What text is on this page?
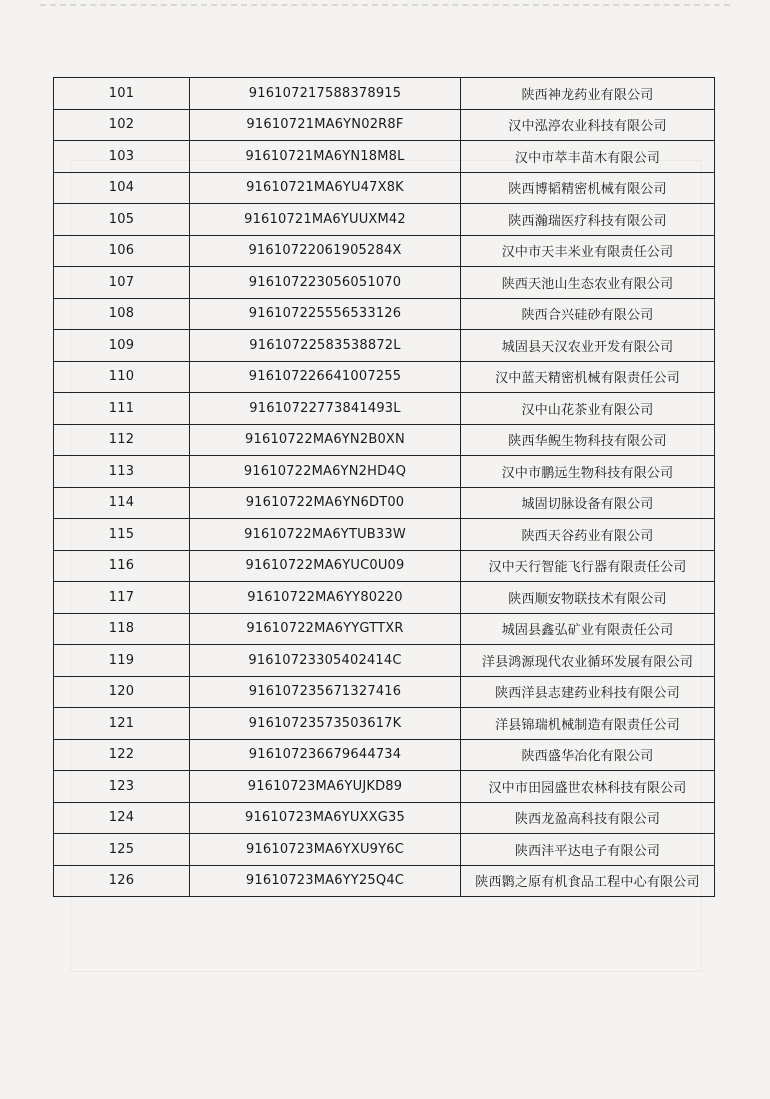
101	916107217588378915	陕西神龙药业有限公司
102	91610721MA6YN02R8F	汉中泓渟农业科技有限公司
103	91610721MA6YN18M8L	汉中市萃丰苗木有限公司
104	91610721MA6YU47X8K	陕西博韬精密机械有限公司
105	91610721MA6YUUXM42	陕西瀚瑞医疗科技有限公司
106	91610722061905284X	汉中市天丰米业有限责任公司
107	916107223056051070	陕西天池山生态农业有限公司
108	916107225556533126	陕西合兴硅砂有限公司
109	91610722583538872L	城固县天汉农业开发有限公司
110	916107226641007255	汉中蓝天精密机械有限责任公司
111	91610722773841493L	汉中山花茶业有限公司
112	91610722MA6YN2B0XN	陕西华鲵生物科技有限公司
113	91610722MA6YN2HD4Q	汉中市鹏远生物科技有限公司
114	91610722MA6YN6DT00	城固切脉设备有限公司
115	91610722MA6YTUB33W	陕西天谷药业有限公司
116	91610722MA6YUC0U09	汉中天行智能飞行器有限责任公司
117	91610722MA6YY80220	陕西顺安物联技术有限公司
118	91610722MA6YYGTTXR	城固县鑫弘矿业有限责任公司
119	91610723305402414C	洋县鸿源现代农业循环发展有限公司
120	916107235671327416	陕西洋县志建药业科技有限公司
121	91610723573503617K	洋县锦瑞机械制造有限责任公司
122	916107236679644734	陕西盛华冶化有限公司
123	91610723MA6YUJKD89	汉中市田园盛世农林科技有限公司
124	91610723MA6YUXXG35	陕西龙盈高科技有限公司
125	91610723MA6YXU9Y6C	陕西沣平达电子有限公司
126	91610723MA6YY25Q4C	陕西鹮之原有机食品工程中心有限公司
